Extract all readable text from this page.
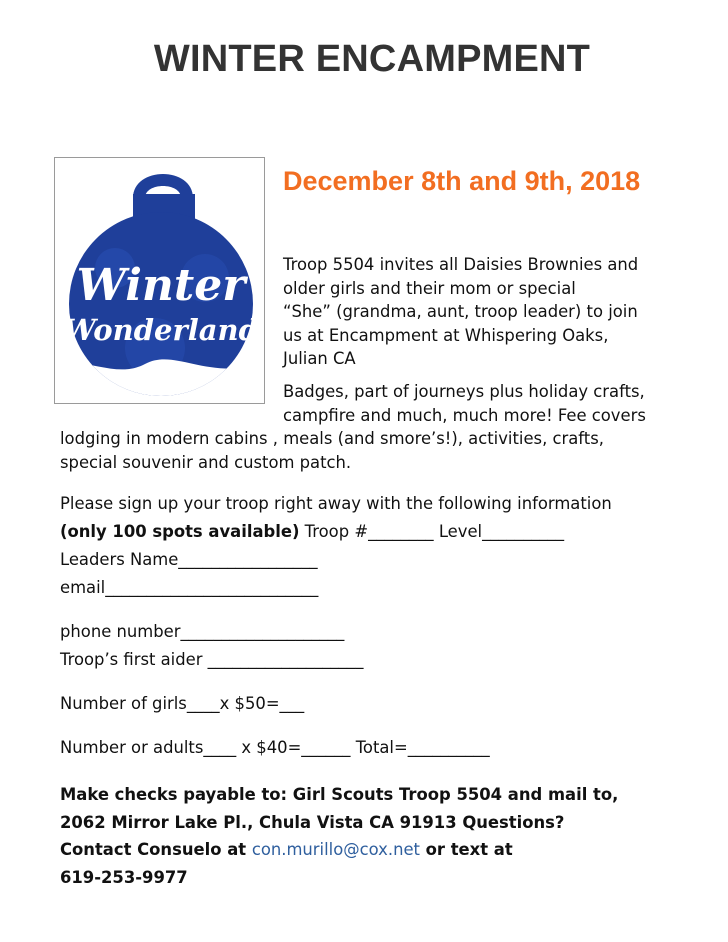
WINTER ENCAMPMENT
Winter
Wonderland
December 8th and 9th, 2018
Troop 5504 invites all Daisies Brownies and
older girls and their mom or special
“She” (grandma, aunt, troop leader) to join
us at Encampment at Whispering Oaks,
Julian CA
Badges, part of journeys plus holiday crafts,
campfire and much, much more! Fee covers
lodging in modern cabins , meals (and smore’s!), activities, crafts,
special souvenir and custom patch.
Please sign up your troop right away with the following information
(only 100 spots available) Troop #________ Level__________
Leaders Name_________________
email__________________________
phone number____________________
Troop’s first aider ___________________
Number of girls____x $50=___
Number or adults____ x $40=______ Total=__________
Make checks payable to: Girl Scouts Troop 5504 and mail to,
2062 Mirror Lake Pl., Chula Vista CA 91913 Questions?
Contact Consuelo at con.murillo@cox.net or text at
619-253-9977
